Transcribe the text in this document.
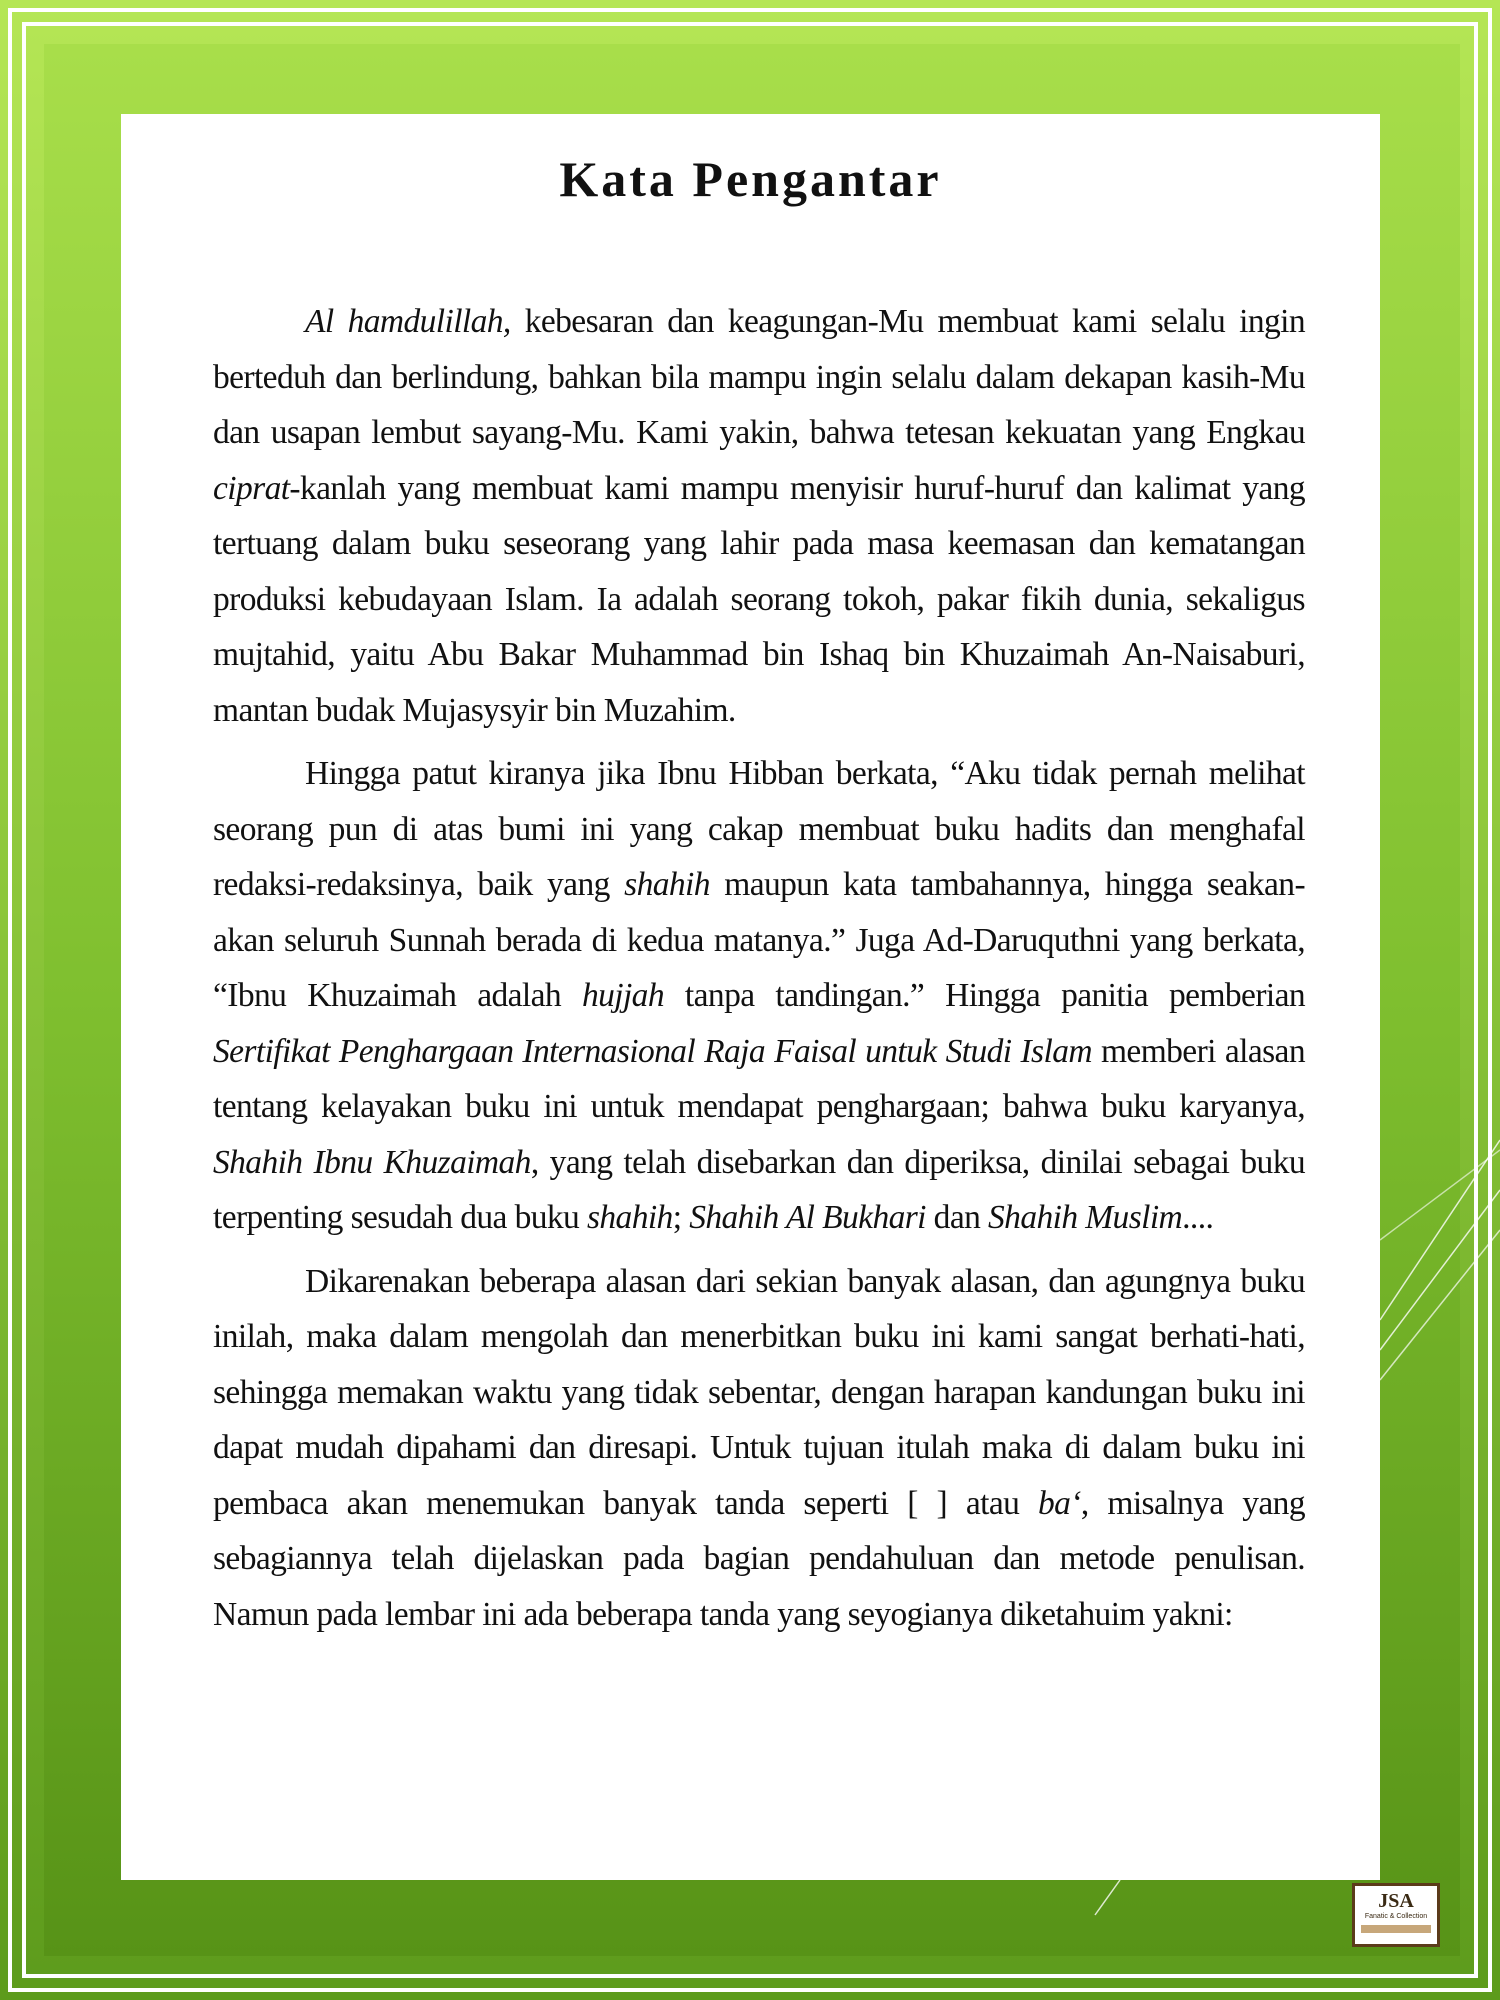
Kata Pengantar

Al hamdulillah, kebesaran dan keagungan-Mu membuat kami selalu ingin berteduh dan berlindung, bahkan bila mampu ingin selalu dalam dekapan kasih-Mu dan usapan lembut sayang-Mu. Kami yakin, bahwa tetesan kekuatan yang Engkau ciprat-kanlah yang membuat kami mampu menyisir huruf-huruf dan kalimat yang tertuang dalam buku seseorang yang lahir pada masa keemasan dan kematangan produksi kebudayaan Islam. Ia adalah seorang tokoh, pakar fikih dunia, sekaligus mujtahid, yaitu Abu Bakar Muhammad bin Ishaq bin Khuzaimah An-Naisaburi, mantan budak Mujasysyir bin Muzahim.

Hingga patut kiranya jika Ibnu Hibban berkata, “Aku tidak pernah melihat seorang pun di atas bumi ini yang cakap membuat buku hadits dan menghafal redaksi-redaksinya, baik yang shahih maupun kata tambahannya, hingga seakan-akan seluruh Sunnah berada di kedua matanya.” Juga Ad-Daruquthni yang berkata, “Ibnu Khuzaimah adalah hujjah tanpa tandingan.” Hingga panitia pemberian Sertifikat Penghargaan Internasional Raja Faisal untuk Studi Islam memberi alasan tentang kelayakan buku ini untuk mendapat penghargaan; bahwa buku karyanya, Shahih Ibnu Khuzaimah, yang telah disebarkan dan diperiksa, dinilai sebagai buku terpenting sesudah dua buku shahih; Shahih Al Bukhari dan Shahih Muslim....

Dikarenakan beberapa alasan dari sekian banyak alasan, dan agungnya buku inilah, maka dalam mengolah dan menerbitkan buku ini kami sangat berhati-hati, sehingga memakan waktu yang tidak sebentar, dengan harapan kandungan buku ini dapat mudah dipahami dan diresapi. Untuk tujuan itulah maka di dalam buku ini pembaca akan menemukan banyak tanda seperti [ ] atau ba‘, misalnya yang sebagiannya telah dijelaskan pada bagian pendahuluan dan metode penulisan. Namun pada lembar ini ada beberapa tanda yang seyogianya diketahuim yakni:

JSA
Fanatic & Collection
